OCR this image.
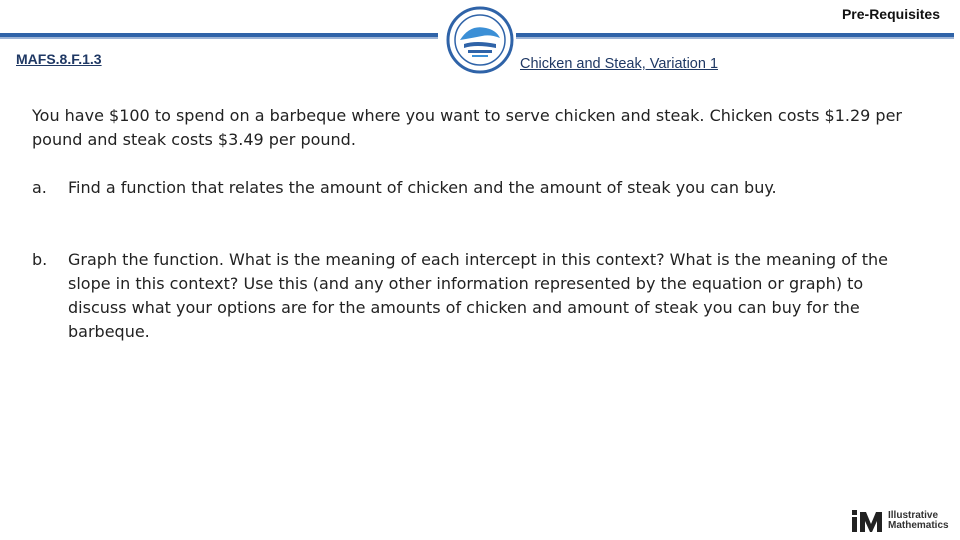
Pre-Requisites
MAFS.8.F.1.3	Chicken and Steak, Variation 1
You have $100 to spend on a barbeque where you want to serve chicken and steak. Chicken costs $1.29 per pound and steak costs $3.49 per pound.
a. Find a function that relates the amount of chicken and the amount of steak you can buy.
b. Graph the function. What is the meaning of each intercept in this context? What is the meaning of the slope in this context? Use this (and any other information represented by the equation or graph) to discuss what your options are for the amounts of chicken and amount of steak you can buy for the barbeque.
Illustrative
Mathematics
